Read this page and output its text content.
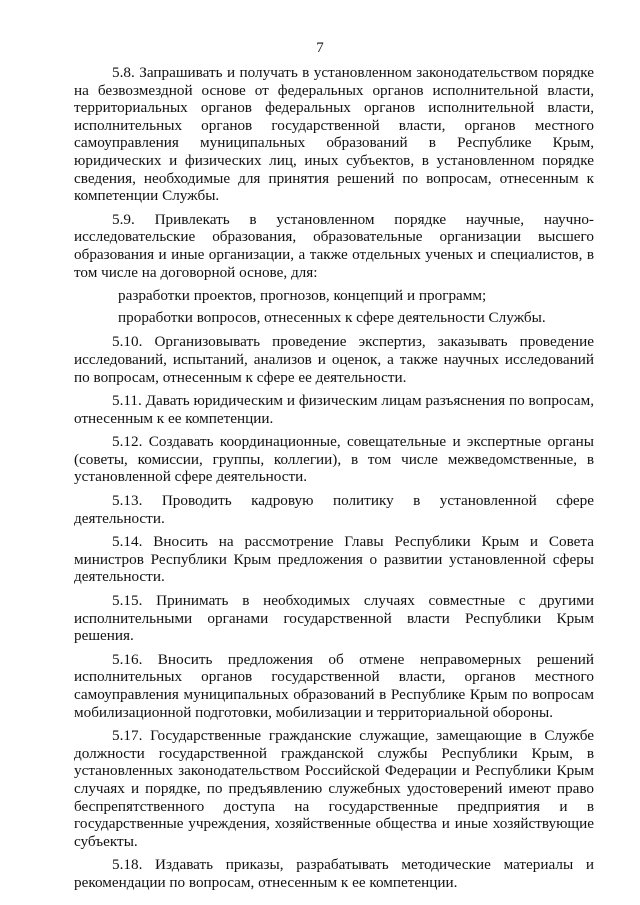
7

5.8. Запрашивать и получать в установленном законодательством порядке на безвозмездной основе от федеральных органов исполнительной власти, территориальных органов федеральных органов исполнительной власти, исполнительных органов государственной власти, органов местного самоуправления муниципальных образований в Республике Крым, юридических и физических лиц, иных субъектов, в установленном порядке сведения, необходимые для принятия решений по вопросам, отнесенным к компетенции Службы.

5.9. Привлекать в установленном порядке научные, научно-исследовательские образования, образовательные организации высшего образования и иные организации, а также отдельных ученых и специалистов, в том числе на договорной основе, для:

разработки проектов, прогнозов, концепций и программ;

проработки вопросов, отнесенных к сфере деятельности Службы.

5.10. Организовывать проведение экспертиз, заказывать проведение исследований, испытаний, анализов и оценок, а также научных исследований по вопросам, отнесенным к сфере ее деятельности.

5.11. Давать юридическим и физическим лицам разъяснения по вопросам, отнесенным к ее компетенции.

5.12. Создавать координационные, совещательные и экспертные органы (советы, комиссии, группы, коллегии), в том числе межведомственные, в установленной сфере деятельности.

5.13. Проводить кадровую политику в установленной сфере деятельности.

5.14. Вносить на рассмотрение Главы Республики Крым и Совета министров Республики Крым предложения о развитии установленной сферы деятельности.

5.15. Принимать в необходимых случаях совместные с другими исполнительными органами государственной власти Республики Крым решения.

5.16. Вносить предложения об отмене неправомерных решений исполнительных органов государственной власти, органов местного самоуправления муниципальных образований в Республике Крым по вопросам мобилизационной подготовки, мобилизации и территориальной обороны.

5.17. Государственные гражданские служащие, замещающие в Службе должности государственной гражданской службы Республики Крым, в установленных законодательством Российской Федерации и Республики Крым случаях и порядке, по предъявлению служебных удостоверений имеют право беспрепятственного доступа на государственные предприятия и в государственные учреждения, хозяйственные общества и иные хозяйствующие субъекты.

5.18. Издавать приказы, разрабатывать методические материалы и рекомендации по вопросам, отнесенным к ее компетенции.
